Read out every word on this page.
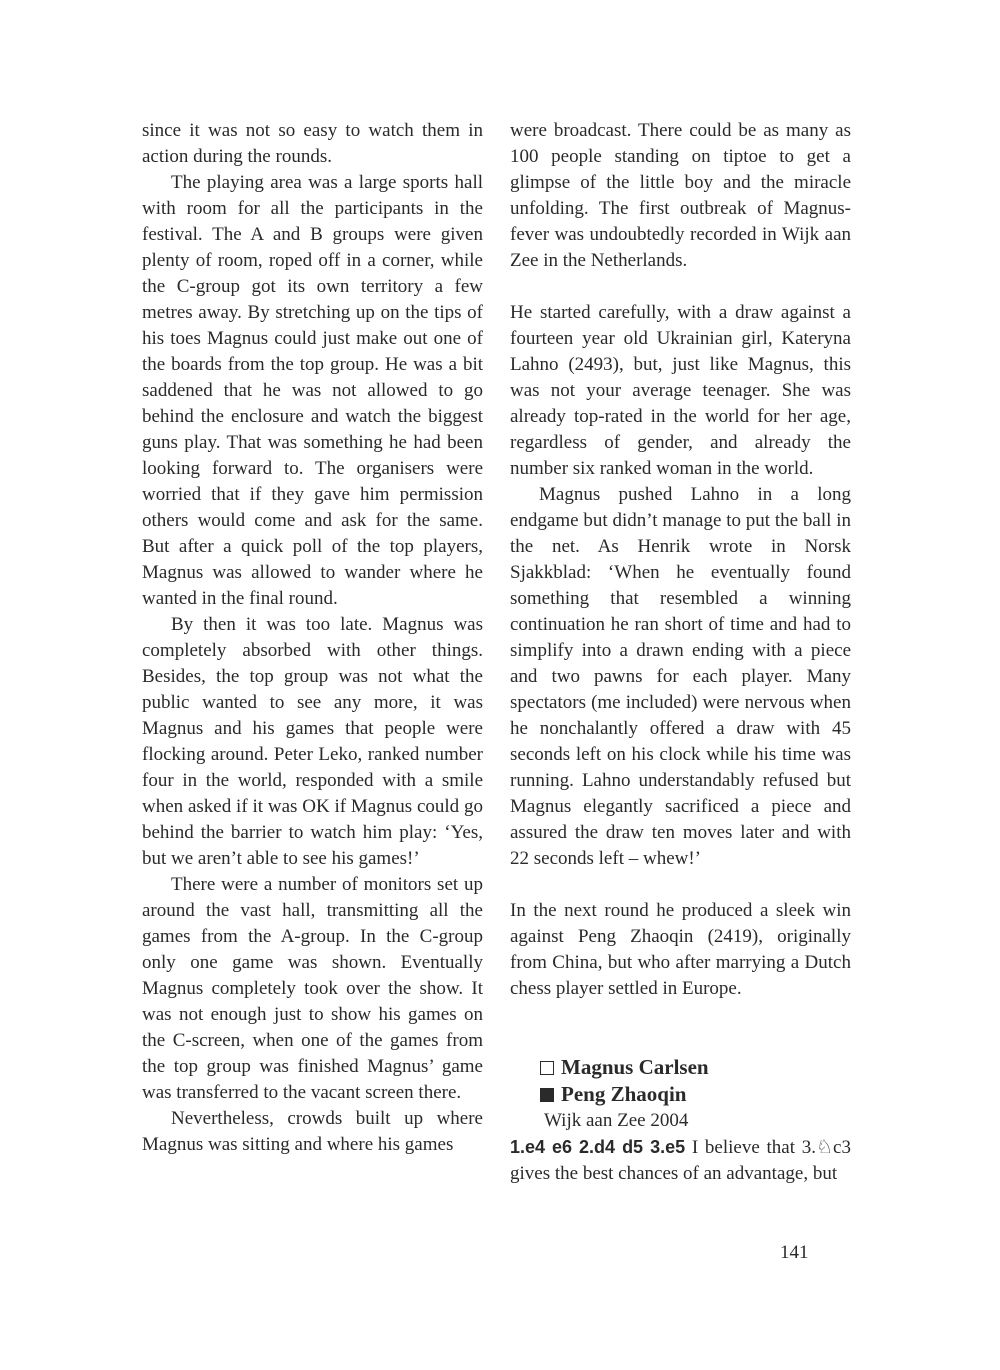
since it was not so easy to watch them in action during the rounds.

The playing area was a large sports hall with room for all the participants in the festival. The A and B groups were given plenty of room, roped off in a corner, while the C-group got its own territory a few metres away. By stretching up on the tips of his toes Magnus could just make out one of the boards from the top group. He was a bit saddened that he was not allowed to go behind the enclosure and watch the biggest guns play. That was something he had been looking forward to. The organisers were worried that if they gave him permission others would come and ask for the same. But after a quick poll of the top players, Magnus was allowed to wander where he wanted in the final round.

By then it was too late. Magnus was completely absorbed with other things. Besides, the top group was not what the public wanted to see any more, it was Magnus and his games that people were flocking around. Peter Leko, ranked number four in the world, responded with a smile when asked if it was OK if Magnus could go behind the barrier to watch him play: ‘Yes, but we aren’t able to see his games!’

There were a number of monitors set up around the vast hall, transmitting all the games from the A-group. In the C-group only one game was shown. Eventually Magnus completely took over the show. It was not enough just to show his games on the C-screen, when one of the games from the top group was finished Magnus’ game was transferred to the vacant screen there.

Nevertheless, crowds built up where Magnus was sitting and where his games

were broadcast. There could be as many as 100 people standing on tiptoe to get a glimpse of the little boy and the miracle unfolding. The first outbreak of Magnus-fever was undoubtedly recorded in Wijk aan Zee in the Netherlands.

He started carefully, with a draw against a fourteen year old Ukrainian girl, Kateryna Lahno (2493), but, just like Magnus, this was not your average teenager. She was already top-rated in the world for her age, regardless of gender, and already the number six ranked woman in the world.

Magnus pushed Lahno in a long endgame but didn’t manage to put the ball in the net. As Henrik wrote in Norsk Sjakkblad: ‘When he eventually found something that resembled a winning continuation he ran short of time and had to simplify into a drawn ending with a piece and two pawns for each player. Many spectators (me included) were nervous when he nonchalantly offered a draw with 45 seconds left on his clock while his time was running. Lahno understandably refused but Magnus elegantly sacrificed a piece and assured the draw ten moves later and with 22 seconds left – whew!’

In the next round he produced a sleek win against Peng Zhaoqin (2419), originally from China, but who after marrying a Dutch chess player settled in Europe.

Magnus Carlsen
Peng Zhaoqin
Wijk aan Zee 2004

1.e4 e6 2.d4 d5 3.e5 I believe that 3.♘c3 gives the best chances of an advantage, but

141
